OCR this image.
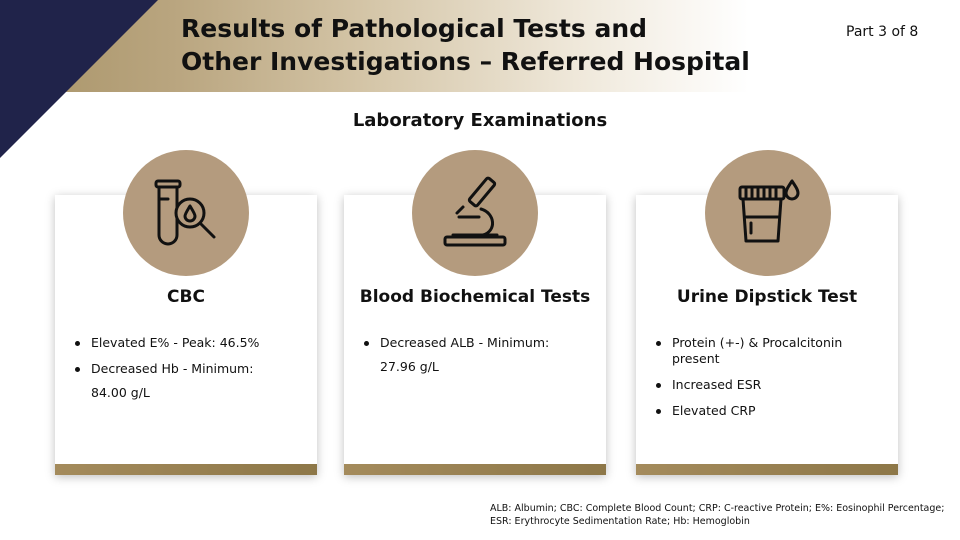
Results of Pathological Tests and
Other Investigations – Referred Hospital
Part 3 of 8
Laboratory Examinations
CBC
Elevated E% - Peak: 46.5%
Decreased Hb - Minimum:
84.00 g/L
Blood Biochemical Tests
Decreased ALB - Minimum:
27.96 g/L
Urine Dipstick Test
Protein (+-) & Procalcitonin present
Increased ESR
Elevated CRP
ALB: Albumin; CBC: Complete Blood Count; CRP: C-reactive Protein; E%: Eosinophil Percentage;
ESR: Erythrocyte Sedimentation Rate; Hb: Hemoglobin
